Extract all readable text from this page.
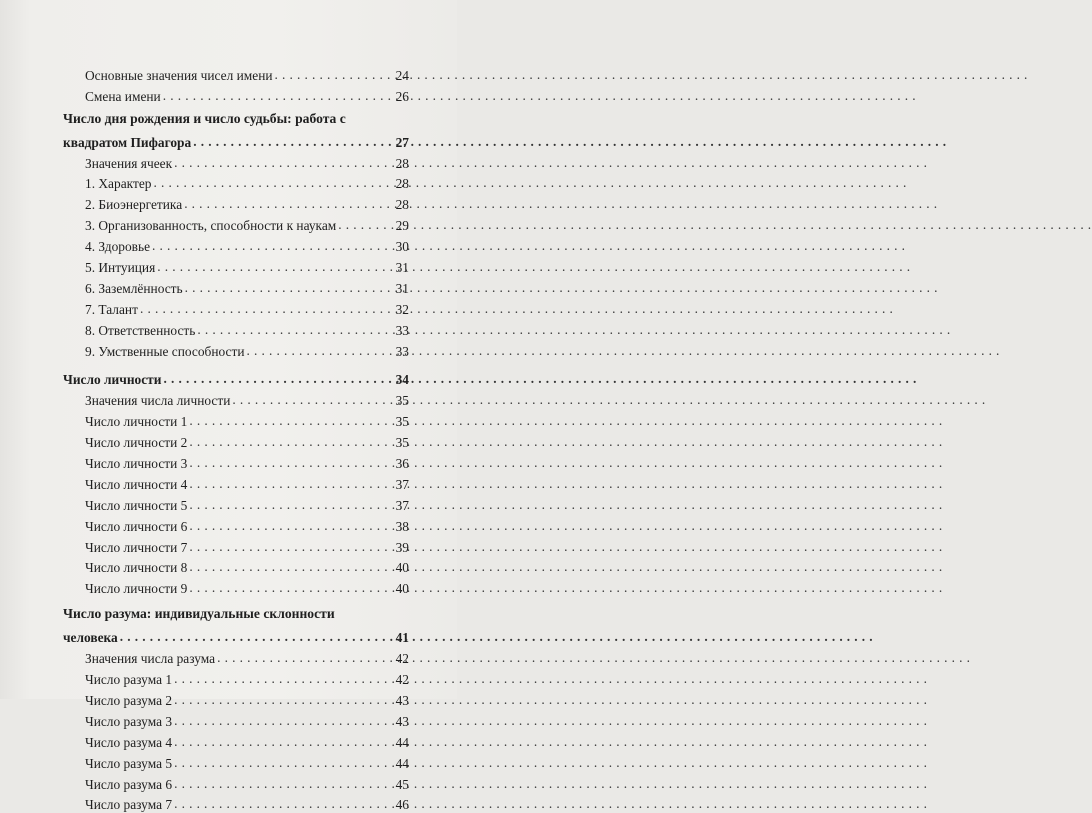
Основные значения чисел имени . . .	24
Смена имени . . .	26
Число дня рождения и число судьбы: работа с
квадратом Пифагора . . .	27
Значения ячеек . . .	28
1. Характер . . .	28
2. Биоэнергетика . . .	28
3. Организованность, способности к наукам . . .	29
4. Здоровье . . .	30
5. Интуиция . . .	31
6. Заземлённость . . .	31
7. Талант . . .	32
8. Ответственность . . .	33
9. Умственные способности . . .	33
Число личности . . .	34
Значения числа личности . . .	35
Число личности 1 . . .	35
Число личности 2 . . .	35
Число личности 3 . . .	36
Число личности 4 . . .	37
Число личности 5 . . .	37
Число личности 6 . . .	38
Число личности 7 . . .	39
Число личности 8 . . .	40
Число личности 9 . . .	40
Число разума: индивидуальные склонности
человека . . .	41
Значения числа разума . . .	42
Число разума 1 . . .	42
Число разума 2 . . .	43
Число разума 3 . . .	43
Число разума 4 . . .	44
Число разума 5 . . .	44
Число разума 6 . . .	45
Число разума 7 . . .	46
